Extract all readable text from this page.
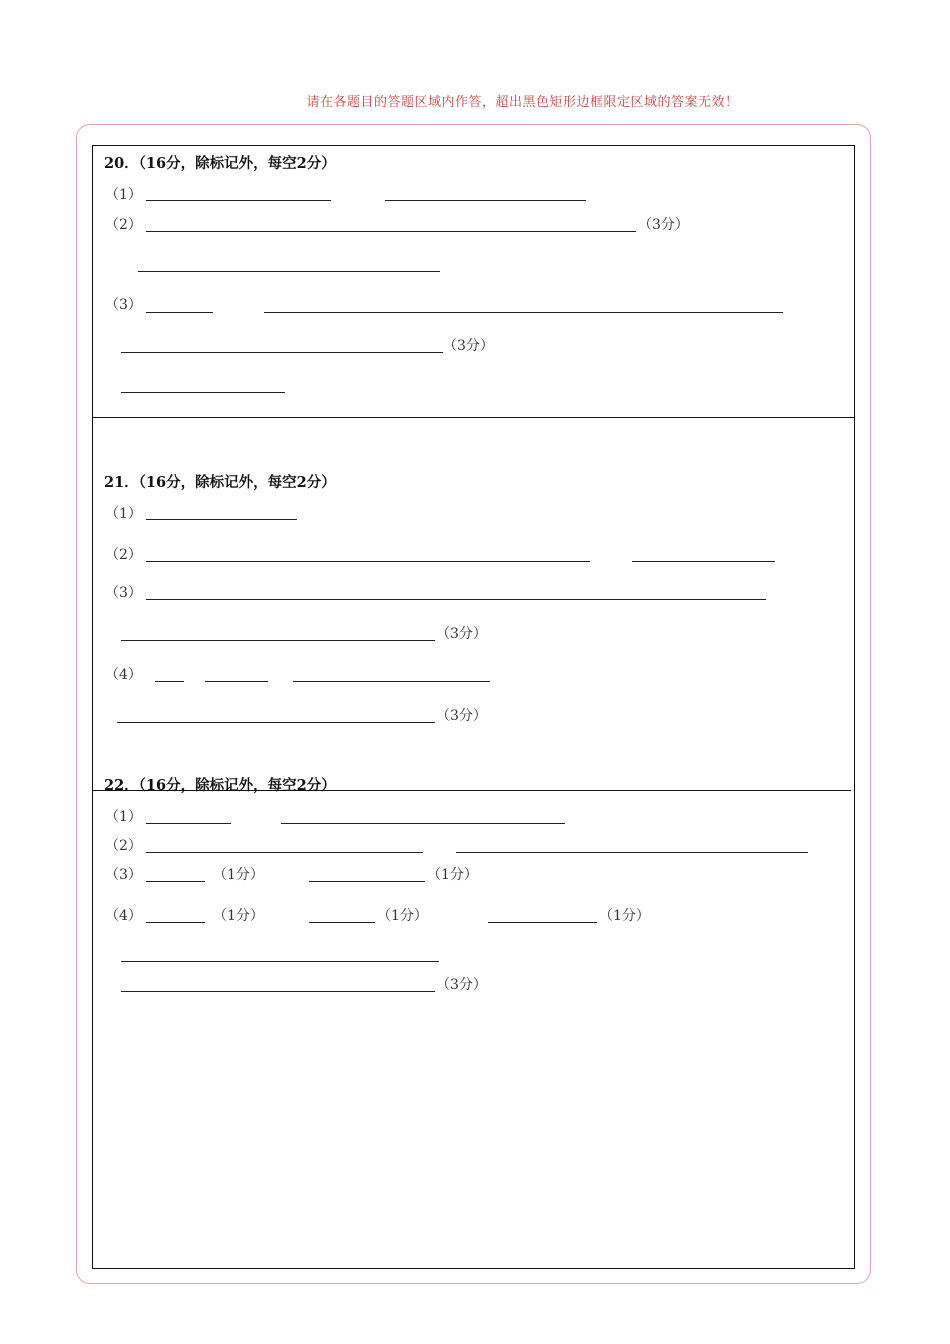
请在各题目的答题区域内作答，超出黑色矩形边框限定区域的答案无效！
20．（16分，除标记外，每空2分）
（1）
（2）	（3分）
（3）
（3分）
21．（16分，除标记外，每空2分）
（1）
（2）
（3）
（3分）
（4）
（3分）
22．（16分，除标记外，每空2分）
（1）
（2）
（3）	（1分）	（1分）
（4）	（1分）	（1分）	（1分）
（3分）
